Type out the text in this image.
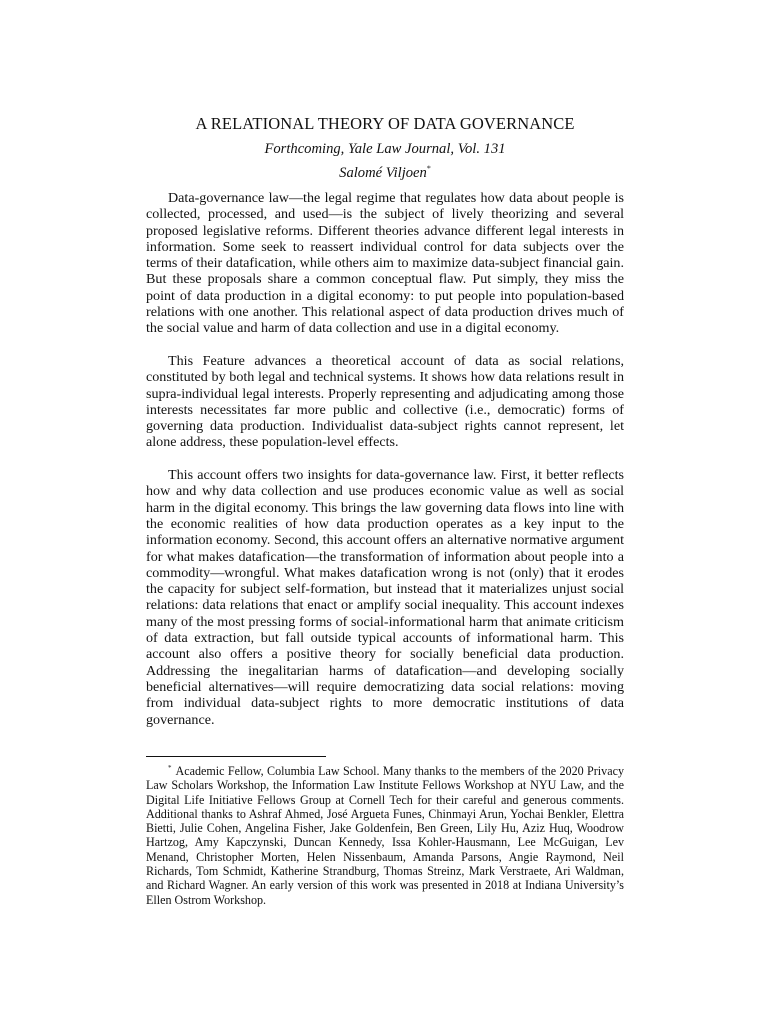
A RELATIONAL THEORY OF DATA GOVERNANCE
Forthcoming, Yale Law Journal, Vol. 131
Salomé Viljoen*

Data-governance law—the legal regime that regulates how data about people is collected, processed, and used—is the subject of lively theorizing and several proposed legislative reforms. Different theories advance different legal interests in information. Some seek to reassert individual control for data subjects over the terms of their datafication, while others aim to maximize data-subject financial gain. But these proposals share a common conceptual flaw. Put simply, they miss the point of data production in a digital economy: to put people into population-based relations with one another. This relational aspect of data production drives much of the social value and harm of data collection and use in a digital economy.

This Feature advances a theoretical account of data as social relations, constituted by both legal and technical systems. It shows how data relations result in supra-individual legal interests. Properly representing and adjudicating among those interests necessitates far more public and collective (i.e., democratic) forms of governing data production. Individualist data-subject rights cannot represent, let alone address, these population-level effects.

This account offers two insights for data-governance law. First, it better reflects how and why data collection and use produces economic value as well as social harm in the digital economy. This brings the law governing data flows into line with the economic realities of how data production operates as a key input to the information economy. Second, this account offers an alternative normative argument for what makes datafication—the transformation of information about people into a commodity—wrongful. What makes datafication wrong is not (only) that it erodes the capacity for subject self-formation, but instead that it materializes unjust social relations: data relations that enact or amplify social inequality. This account indexes many of the most pressing forms of social-informational harm that animate criticism of data extraction, but fall outside typical accounts of informational harm. This account also offers a positive theory for socially beneficial data production. Addressing the inegalitarian harms of datafication—and developing socially beneficial alternatives—will require democratizing data social relations: moving from individual data-subject rights to more democratic institutions of data governance.

* Academic Fellow, Columbia Law School. Many thanks to the members of the 2020 Privacy Law Scholars Workshop, the Information Law Institute Fellows Workshop at NYU Law, and the Digital Life Initiative Fellows Group at Cornell Tech for their careful and generous comments. Additional thanks to Ashraf Ahmed, José Argueta Funes, Chinmayi Arun, Yochai Benkler, Elettra Bietti, Julie Cohen, Angelina Fisher, Jake Goldenfein, Ben Green, Lily Hu, Aziz Huq, Woodrow Hartzog, Amy Kapczynski, Duncan Kennedy, Issa Kohler-Hausmann, Lee McGuigan, Lev Menand, Christopher Morten, Helen Nissenbaum, Amanda Parsons, Angie Raymond, Neil Richards, Tom Schmidt, Katherine Strandburg, Thomas Streinz, Mark Verstraete, Ari Waldman, and Richard Wagner. An early version of this work was presented in 2018 at Indiana University’s Ellen Ostrom Workshop.
